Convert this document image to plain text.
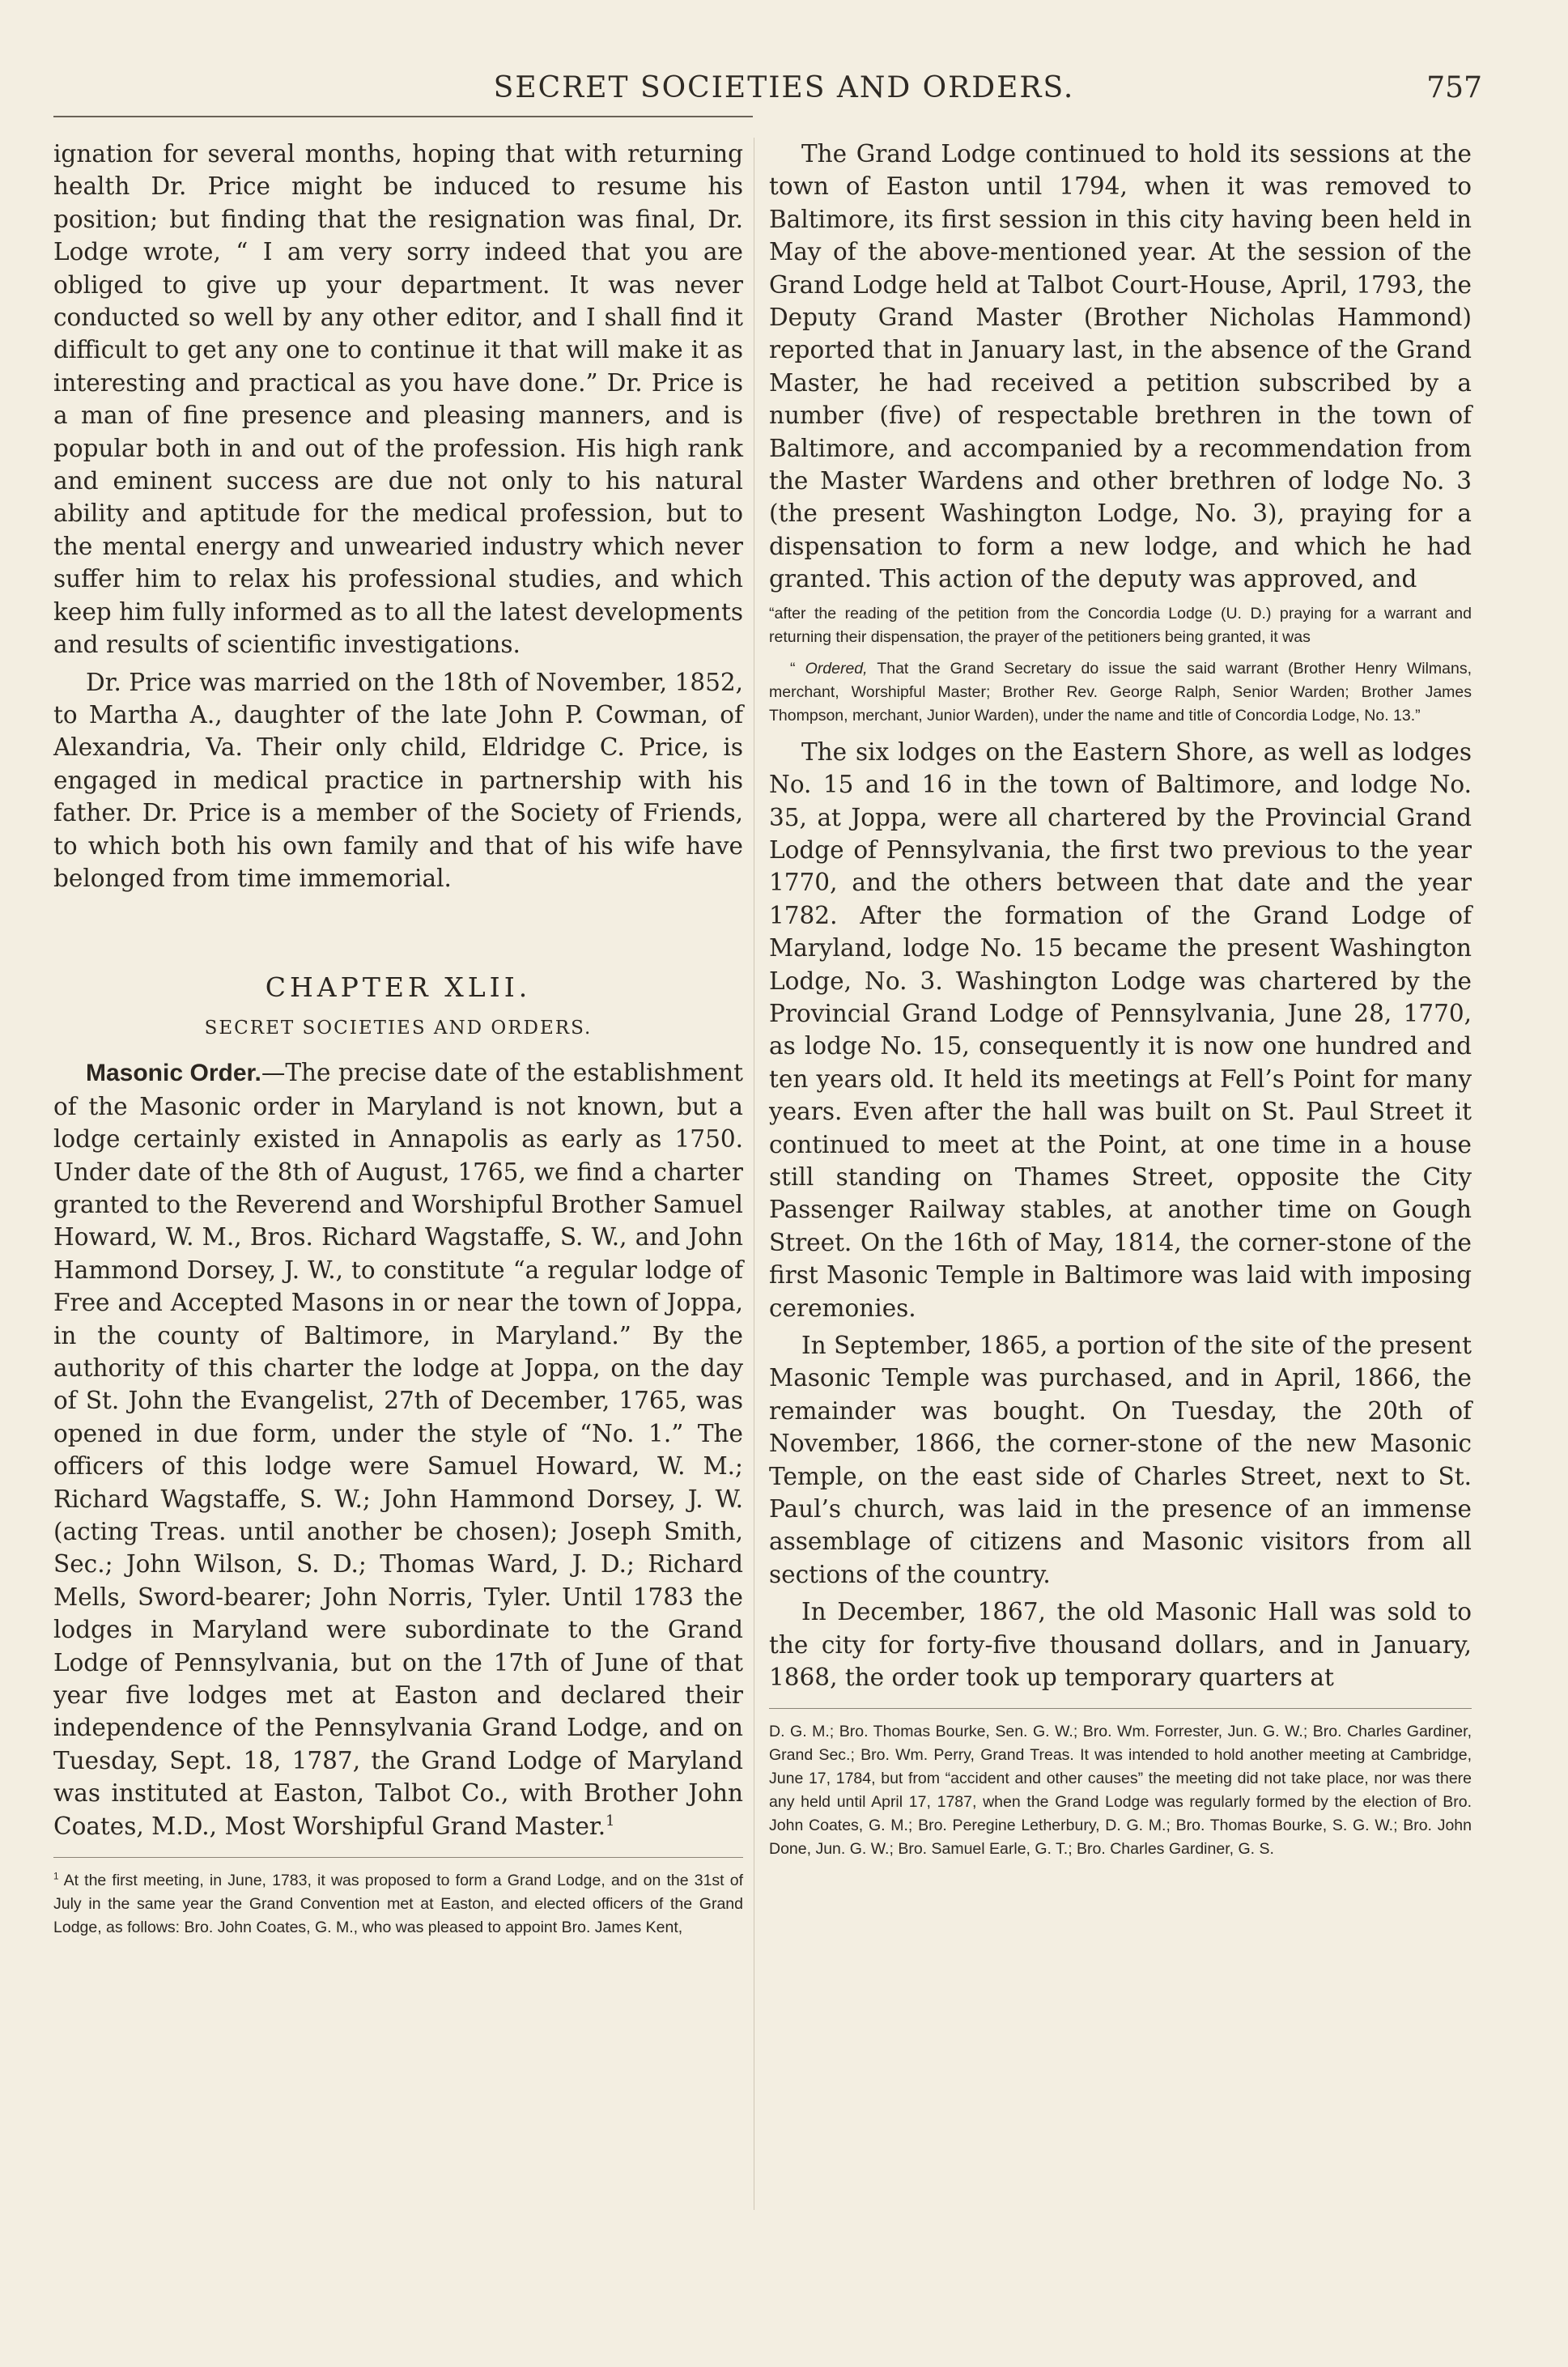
SECRET SOCIETIES AND ORDERS.	757

ignation for several months, hoping that with returning health Dr. Price might be induced to resume his position; but finding that the resignation was final, Dr. Lodge wrote, “ I am very sorry indeed that you are obliged to give up your department. It was never conducted so well by any other editor, and I shall find it difficult to get any one to continue it that will make it as interesting and practical as you have done.” Dr. Price is a man of fine presence and pleasing manners, and is popular both in and out of the profession. His high rank and eminent success are due not only to his natural ability and aptitude for the medical profession, but to the mental energy and unwearied industry which never suffer him to relax his professional studies, and which keep him fully informed as to all the latest developments and results of scientific investigations.

Dr. Price was married on the 18th of November, 1852, to Martha A., daughter of the late John P. Cowman, of Alexandria, Va. Their only child, Eldridge C. Price, is engaged in medical practice in partnership with his father. Dr. Price is a member of the Society of Friends, to which both his own family and that of his wife have belonged from time immemorial.

CHAPTER XLII.
SECRET SOCIETIES AND ORDERS.

Masonic Order.—The precise date of the establishment of the Masonic order in Maryland is not known, but a lodge certainly existed in Annapolis as early as 1750. Under date of the 8th of August, 1765, we find a charter granted to the Reverend and Worshipful Brother Samuel Howard, W. M., Bros. Richard Wagstaffe, S. W., and John Hammond Dorsey, J. W., to constitute “a regular lodge of Free and Accepted Masons in or near the town of Joppa, in the county of Baltimore, in Maryland.” By the authority of this charter the lodge at Joppa, on the day of St. John the Evangelist, 27th of December, 1765, was opened in due form, under the style of “No. 1.” The officers of this lodge were Samuel Howard, W. M.; Richard Wagstaffe, S. W.; John Hammond Dorsey, J. W. (acting Treas. until another be chosen); Joseph Smith, Sec.; John Wilson, S. D.; Thomas Ward, J. D.; Richard Mells, Sword-bearer; John Norris, Tyler. Until 1783 the lodges in Maryland were subordinate to the Grand Lodge of Pennsylvania, but on the 17th of June of that year five lodges met at Easton and declared their independence of the Pennsylvania Grand Lodge, and on Tuesday, Sept. 18, 1787, the Grand Lodge of Maryland was instituted at Easton, Talbot Co., with Brother John Coates, M.D., Most Worshipful Grand Master.$^1$

$^1$ At the first meeting, in June, 1783, it was proposed to form a Grand Lodge, and on the 31st of July in the same year the Grand Convention met at Easton, and elected officers of the Grand Lodge, as follows: Bro. John Coates, G. M., who was pleased to appoint Bro. James Kent,

The Grand Lodge continued to hold its sessions at the town of Easton until 1794, when it was removed to Baltimore, its first session in this city having been held in May of the above-mentioned year. At the session of the Grand Lodge held at Talbot Court-House, April, 1793, the Deputy Grand Master (Brother Nicholas Hammond) reported that in January last, in the absence of the Grand Master, he had received a petition subscribed by a number (five) of respectable brethren in the town of Baltimore, and accompanied by a recommendation from the Master Wardens and other brethren of lodge No. 3 (the present Washington Lodge, No. 3), praying for a dispensation to form a new lodge, and which he had granted. This action of the deputy was approved, and

“after the reading of the petition from the Concordia Lodge (U. D.) praying for a warrant and returning their dispensation, the prayer of the petitioners being granted, it was

“ Ordered, That the Grand Secretary do issue the said warrant (Brother Henry Wilmans, merchant, Worshipful Master; Brother Rev. George Ralph, Senior Warden; Brother James Thompson, merchant, Junior Warden), under the name and title of Concordia Lodge, No. 13.”

The six lodges on the Eastern Shore, as well as lodges No. 15 and 16 in the town of Baltimore, and lodge No. 35, at Joppa, were all chartered by the Provincial Grand Lodge of Pennsylvania, the first two previous to the year 1770, and the others between that date and the year 1782. After the formation of the Grand Lodge of Maryland, lodge No. 15 became the present Washington Lodge, No. 3. Washington Lodge was chartered by the Provincial Grand Lodge of Pennsylvania, June 28, 1770, as lodge No. 15, consequently it is now one hundred and ten years old. It held its meetings at Fell’s Point for many years. Even after the hall was built on St. Paul Street it continued to meet at the Point, at one time in a house still standing on Thames Street, opposite the City Passenger Railway stables, at another time on Gough Street. On the 16th of May, 1814, the corner-stone of the first Masonic Temple in Baltimore was laid with imposing ceremonies.

In September, 1865, a portion of the site of the present Masonic Temple was purchased, and in April, 1866, the remainder was bought. On Tuesday, the 20th of November, 1866, the corner-stone of the new Masonic Temple, on the east side of Charles Street, next to St. Paul’s church, was laid in the presence of an immense assemblage of citizens and Masonic visitors from all sections of the country.

In December, 1867, the old Masonic Hall was sold to the city for forty-five thousand dollars, and in January, 1868, the order took up temporary quarters at

D. G. M.; Bro. Thomas Bourke, Sen. G. W.; Bro. Wm. Forrester, Jun. G. W.; Bro. Charles Gardiner, Grand Sec.; Bro. Wm. Perry, Grand Treas. It was intended to hold another meeting at Cambridge, June 17, 1784, but from “accident and other causes” the meeting did not take place, nor was there any held until April 17, 1787, when the Grand Lodge was regularly formed by the election of Bro. John Coates, G. M.; Bro. Peregine Letherbury, D. G. M.; Bro. Thomas Bourke, S. G. W.; Bro. John Done, Jun. G. W.; Bro. Samuel Earle, G. T.; Bro. Charles Gardiner, G. S.
